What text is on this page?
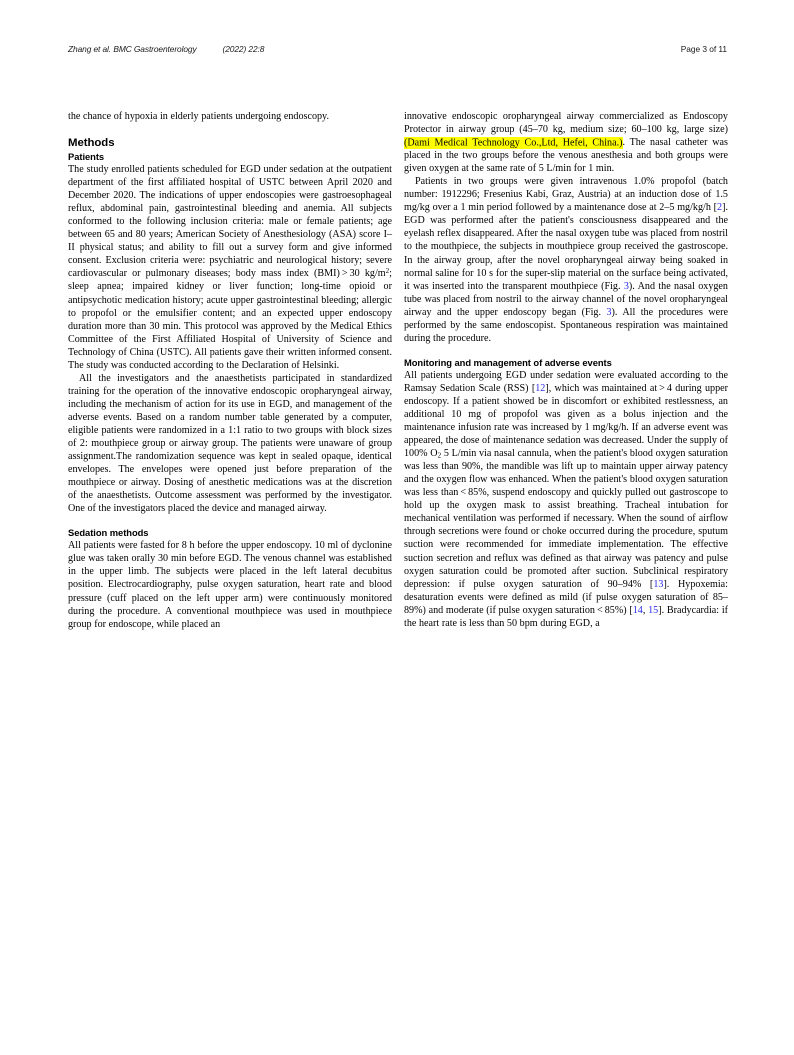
Zhang et al.
BMC Gastroenterology	(2022) 22:8	Page 3 of 11

the chance of hypoxia in elderly patients undergoing endoscopy.

Methods
Patients

The study enrolled patients scheduled for EGD under sedation at the outpatient department of the first affiliated hospital of USTC between April 2020 and December 2020. The indications of upper endoscopies were gastroesophageal reflux, abdominal pain, gastrointestinal bleeding and anemia. All subjects conformed to the following inclusion criteria: male or female patients; age between 65 and 80 years; American Society of Anesthesiology (ASA) score I–II physical status; and ability to fill out a survey form and give informed consent. Exclusion criteria were: psychiatric and neurological history; severe cardiovascular or pulmonary diseases; body mass index (BMI) > 30 $kg/m^2$; sleep apnea; impaired kidney or liver function; long-time opioid or antipsychotic medication history; acute upper gastrointestinal bleeding; allergic to propofol or the emulsifier content; and an expected upper endoscopy duration more than 30 min. This protocol was approved by the Medical Ethics Committee of the First Affiliated Hospital of University of Science and Technology of China (USTC). All patients gave their written informed consent. The study was conducted according to the Declaration of Helsinki.

All the investigators and the anaesthetists participated in standardized training for the operation of the innovative endoscopic oropharyngeal airway, including the mechanism of action for its use in EGD, and management of the adverse events. Based on a random number table generated by a computer, eligible patients were randomized in a 1:1 ratio to two groups with block sizes of 2: mouthpiece group or airway group. The patients were unaware of group assignment.The randomization sequence was kept in sealed opaque, identical envelopes. The envelopes were opened just before preparation of the mouthpiece or airway. Dosing of anesthetic medications was at the discretion of the anaesthetists. Outcome assessment was performed by the investigator. One of the investigators placed the device and managed airway.

Sedation methods

All patients were fasted for 8 h before the upper endoscopy. 10 ml of dyclonine glue was taken orally 30 min before EGD. The venous channel was established in the upper limb. The subjects were placed in the left lateral decubitus position. Electrocardiography, pulse oxygen saturation, heart rate and blood pressure (cuff placed on the left upper arm) were continuously monitored during the procedure. A conventional mouthpiece was used in mouthpiece group for endoscope, while placed an

innovative endoscopic oropharyngeal airway commercialized as Endoscopy Protector in airway group (45–70 kg, medium size; 60–100 kg, large size) (Dami Medical Technology Co.,Ltd, Hefei, China.). The nasal catheter was placed in the two groups before the venous anesthesia and both groups were given oxygen at the same rate of 5 L/min for 1 min.

Patients in two groups were given intravenous 1.0% propofol (batch number: 1912296; Fresenius Kabi, Graz, Austria) at an induction dose of 1.5 mg/kg over a 1 min period followed by a maintenance dose at 2–5 mg/kg/h [2]. EGD was performed after the patient's consciousness disappeared and the eyelash reflex disappeared. After the nasal oxygen tube was placed from nostril to the mouthpiece, the subjects in mouthpiece group received the gastroscope. In the airway group, after the novel oropharyngeal airway being soaked in normal saline for 10 s for the super-slip material on the surface being activated, it was inserted into the transparent mouthpiece (Fig. 3). And the nasal oxygen tube was placed from nostril to the airway channel of the novel oropharyngeal airway and the upper endoscopy began (Fig. 3). All the procedures were performed by the same endoscopist. Spontaneous respiration was maintained during the procedure.

Monitoring and management of adverse events

All patients undergoing EGD under sedation were evaluated according to the Ramsay Sedation Scale (RSS) [12], which was maintained at > 4 during upper endoscopy. If a patient showed be in discomfort or exhibited restlessness, an additional 10 mg of propofol was given as a bolus injection and the maintenance infusion rate was increased by 1 mg/kg/h. If an adverse event was appeared, the dose of maintenance sedation was decreased. Under the supply of 100% $O_2$ 5 L/min via nasal cannula, when the patient's blood oxygen saturation was less than 90%, the mandible was lift up to maintain upper airway patency and the oxygen flow was enhanced. When the patient's blood oxygen saturation was less than < 85%, suspend endoscopy and quickly pulled out gastroscope to hold up the oxygen mask to assist breathing. Tracheal intubation for mechanical ventilation was performed if necessary. When the sound of airflow through secretions were found or choke occurred during the procedure, sputum suction were recommended for immediate implementation. The effective suction secretion and reflux was defined as that airway was patency and pulse oxygen saturation could be promoted after suction. Subclinical respiratory depression: if pulse oxygen saturation of 90–94% [13]. Hypoxemia: desaturation events were defined as mild (if pulse oxygen saturation of 85–89%) and moderate (if pulse oxygen saturation < 85%) [14, 15]. Bradycardia: if the heart rate is less than 50 bpm during EGD, a
